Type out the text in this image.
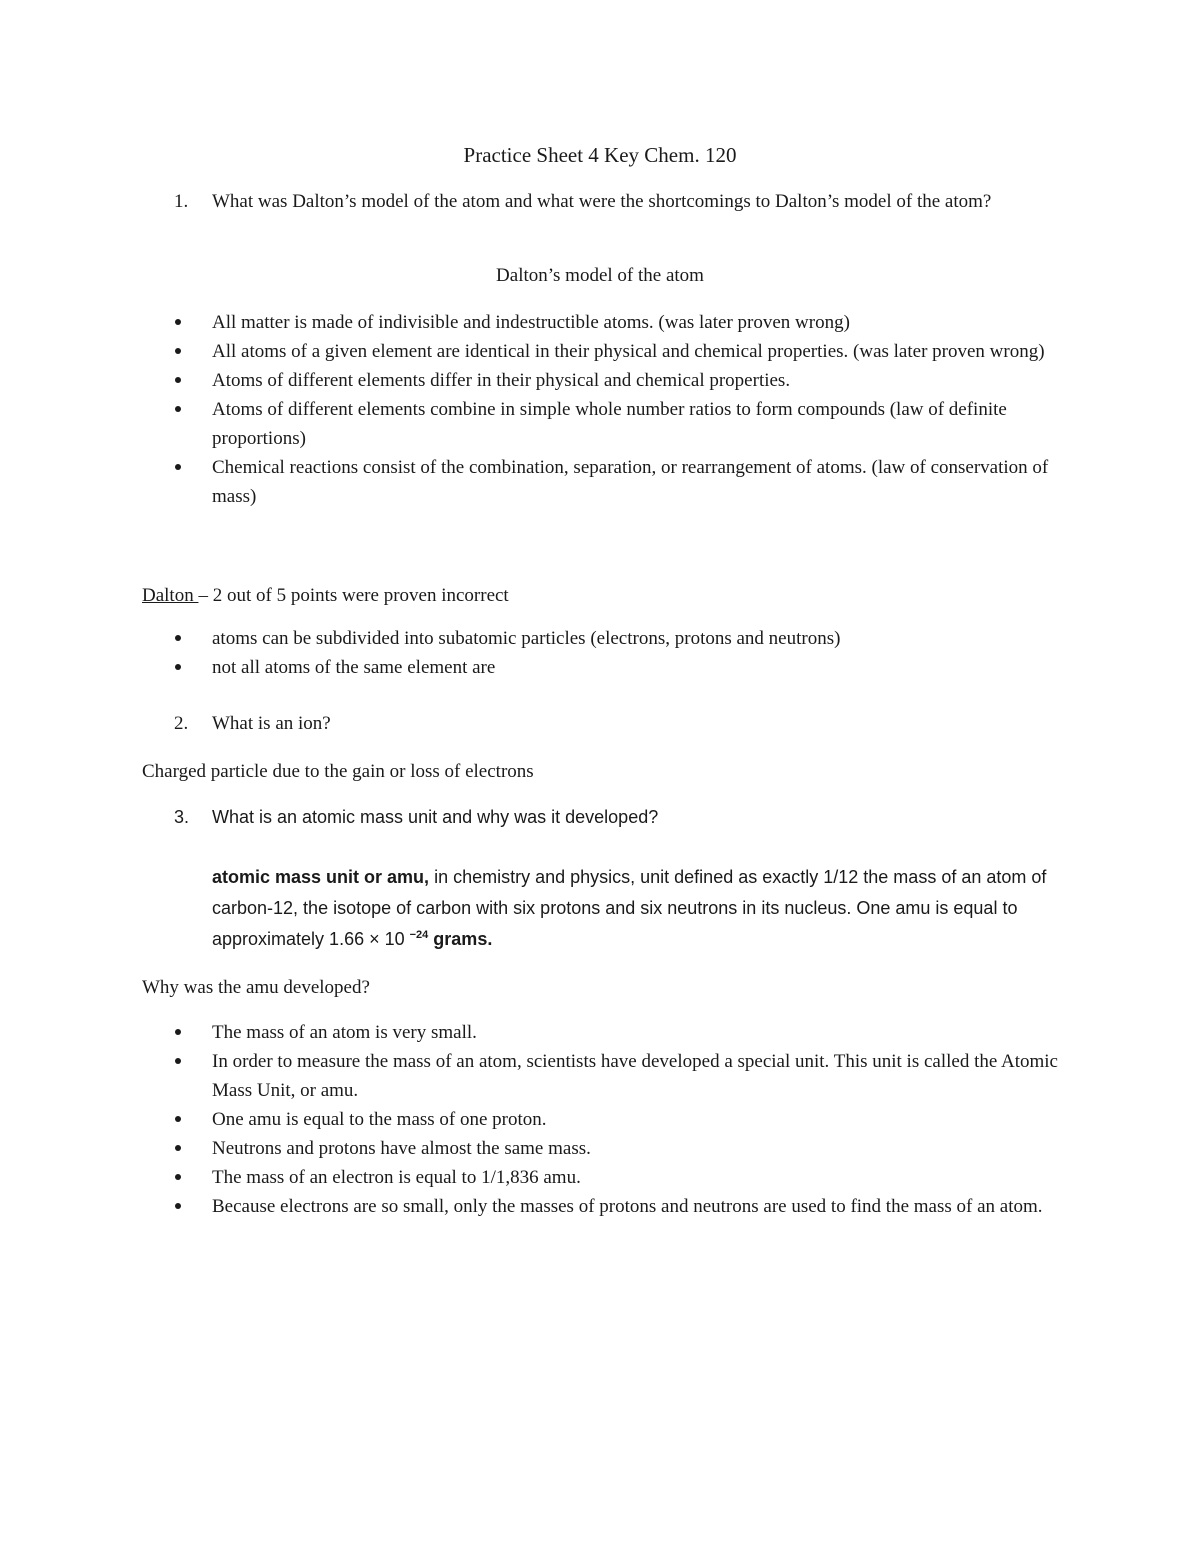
Practice Sheet 4 Key Chem. 120
1. What was Dalton’s model of the atom and what were the shortcomings to Dalton’s model of the atom?
Dalton’s model of the atom
All matter is made of indivisible and indestructible atoms. (was later proven wrong)
All atoms of a given element are identical in their physical and chemical properties. (was later proven wrong)
Atoms of different elements differ in their physical and chemical properties.
Atoms of different elements combine in simple whole number ratios to form compounds (law of definite proportions)
Chemical reactions consist of the combination, separation, or rearrangement of atoms. (law of conservation of mass)
Dalton – 2 out of 5 points were proven incorrect
atoms can be subdivided into subatomic particles (electrons, protons and neutrons)
not all atoms of the same element are
2. What is an ion?
Charged particle due to the gain or loss of electrons
3. What is an atomic mass unit and why was it developed?
atomic mass unit or amu, in chemistry and physics, unit defined as exactly 1/12 the mass of an atom of carbon-12, the isotope of carbon with six protons and six neutrons in its nucleus. One amu is equal to approximately 1.66 × 10 $^{-24}$ grams.
Why was the amu developed?
The mass of an atom is very small.
In order to measure the mass of an atom, scientists have developed a special unit. This unit is called the Atomic Mass Unit, or amu.
One amu is equal to the mass of one proton.
Neutrons and protons have almost the same mass.
The mass of an electron is equal to 1/1,836 amu.
Because electrons are so small, only the masses of protons and neutrons are used to find the mass of an atom.
